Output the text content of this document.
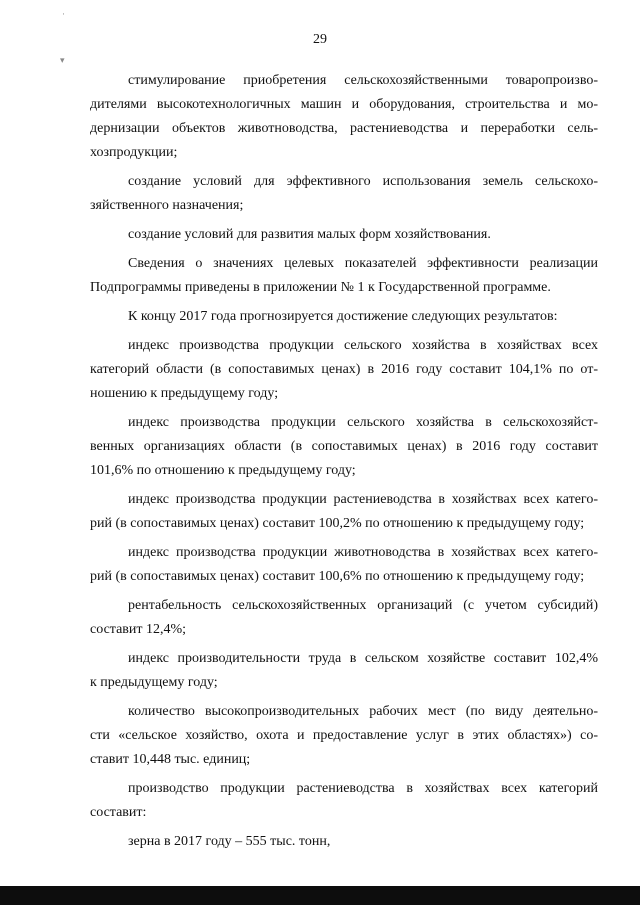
·
▾
29
стимулирование приобретения сельскохозяйственными товаропроизво-
дителями высокотехнологичных машин и оборудования, строительства и мо-
дернизации объектов животноводства, растениеводства и переработки сель-
хозпродукции;
создание условий для эффективного использования земель сельскохо-
зяйственного назначения;
создание условий для развития малых форм хозяйствования.
Сведения о значениях целевых показателей эффективности реализации
Подпрограммы приведены в приложении № 1 к Государственной программе.
К концу 2017 года прогнозируется достижение следующих результатов:
индекс производства продукции сельского хозяйства в хозяйствах всех
категорий области (в сопоставимых ценах) в 2016 году составит 104,1% по от-
ношению к предыдущему году;
индекс производства продукции сельского хозяйства в сельскохозяйст-
венных организациях области (в сопоставимых ценах) в 2016 году составит
101,6% по отношению к предыдущему году;
индекс производства продукции растениеводства в хозяйствах всех катего-
рий (в сопоставимых ценах) составит 100,2% по отношению к предыдущему году;
индекс производства продукции животноводства в хозяйствах всех катего-
рий (в сопоставимых ценах) составит 100,6% по отношению к предыдущему году;
рентабельность сельскохозяйственных организаций (с учетом субсидий)
составит 12,4%;
индекс производительности труда в сельском хозяйстве составит 102,4%
к предыдущему году;
количество высокопроизводительных рабочих мест (по виду деятельно-
сти «сельское хозяйство, охота и предоставление услуг в этих областях») со-
ставит 10,448 тыс. единиц;
производство продукции растениеводства в хозяйствах всех категорий
составит:
зерна в 2017 году – 555 тыс. тонн,
